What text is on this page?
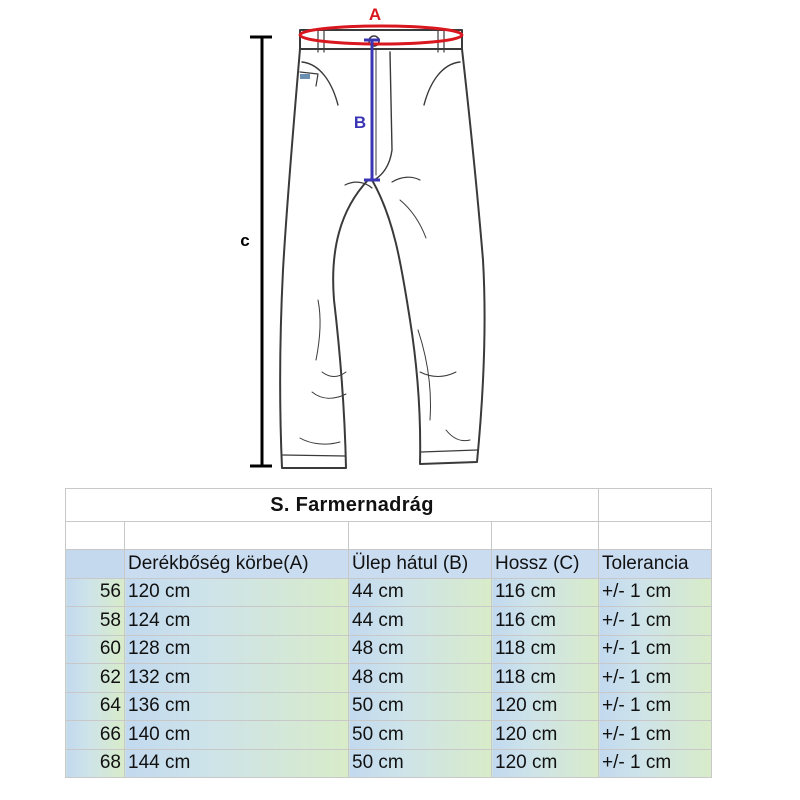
A
B
c
S. Farmernadrág				

	Derékbőség körbe(A)	Ülep hátul (B)	Hossz (C)	Tolerancia
56	120 cm	44 cm	116 cm	+/- 1 cm
58	124 cm	44 cm	116 cm	+/- 1 cm
60	128 cm	48 cm	118 cm	+/- 1 cm
62	132 cm	48 cm	118 cm	+/- 1 cm
64	136 cm	50 cm	120 cm	+/- 1 cm
66	140 cm	50 cm	120 cm	+/- 1 cm
68	144 cm	50 cm	120 cm	+/- 1 cm
